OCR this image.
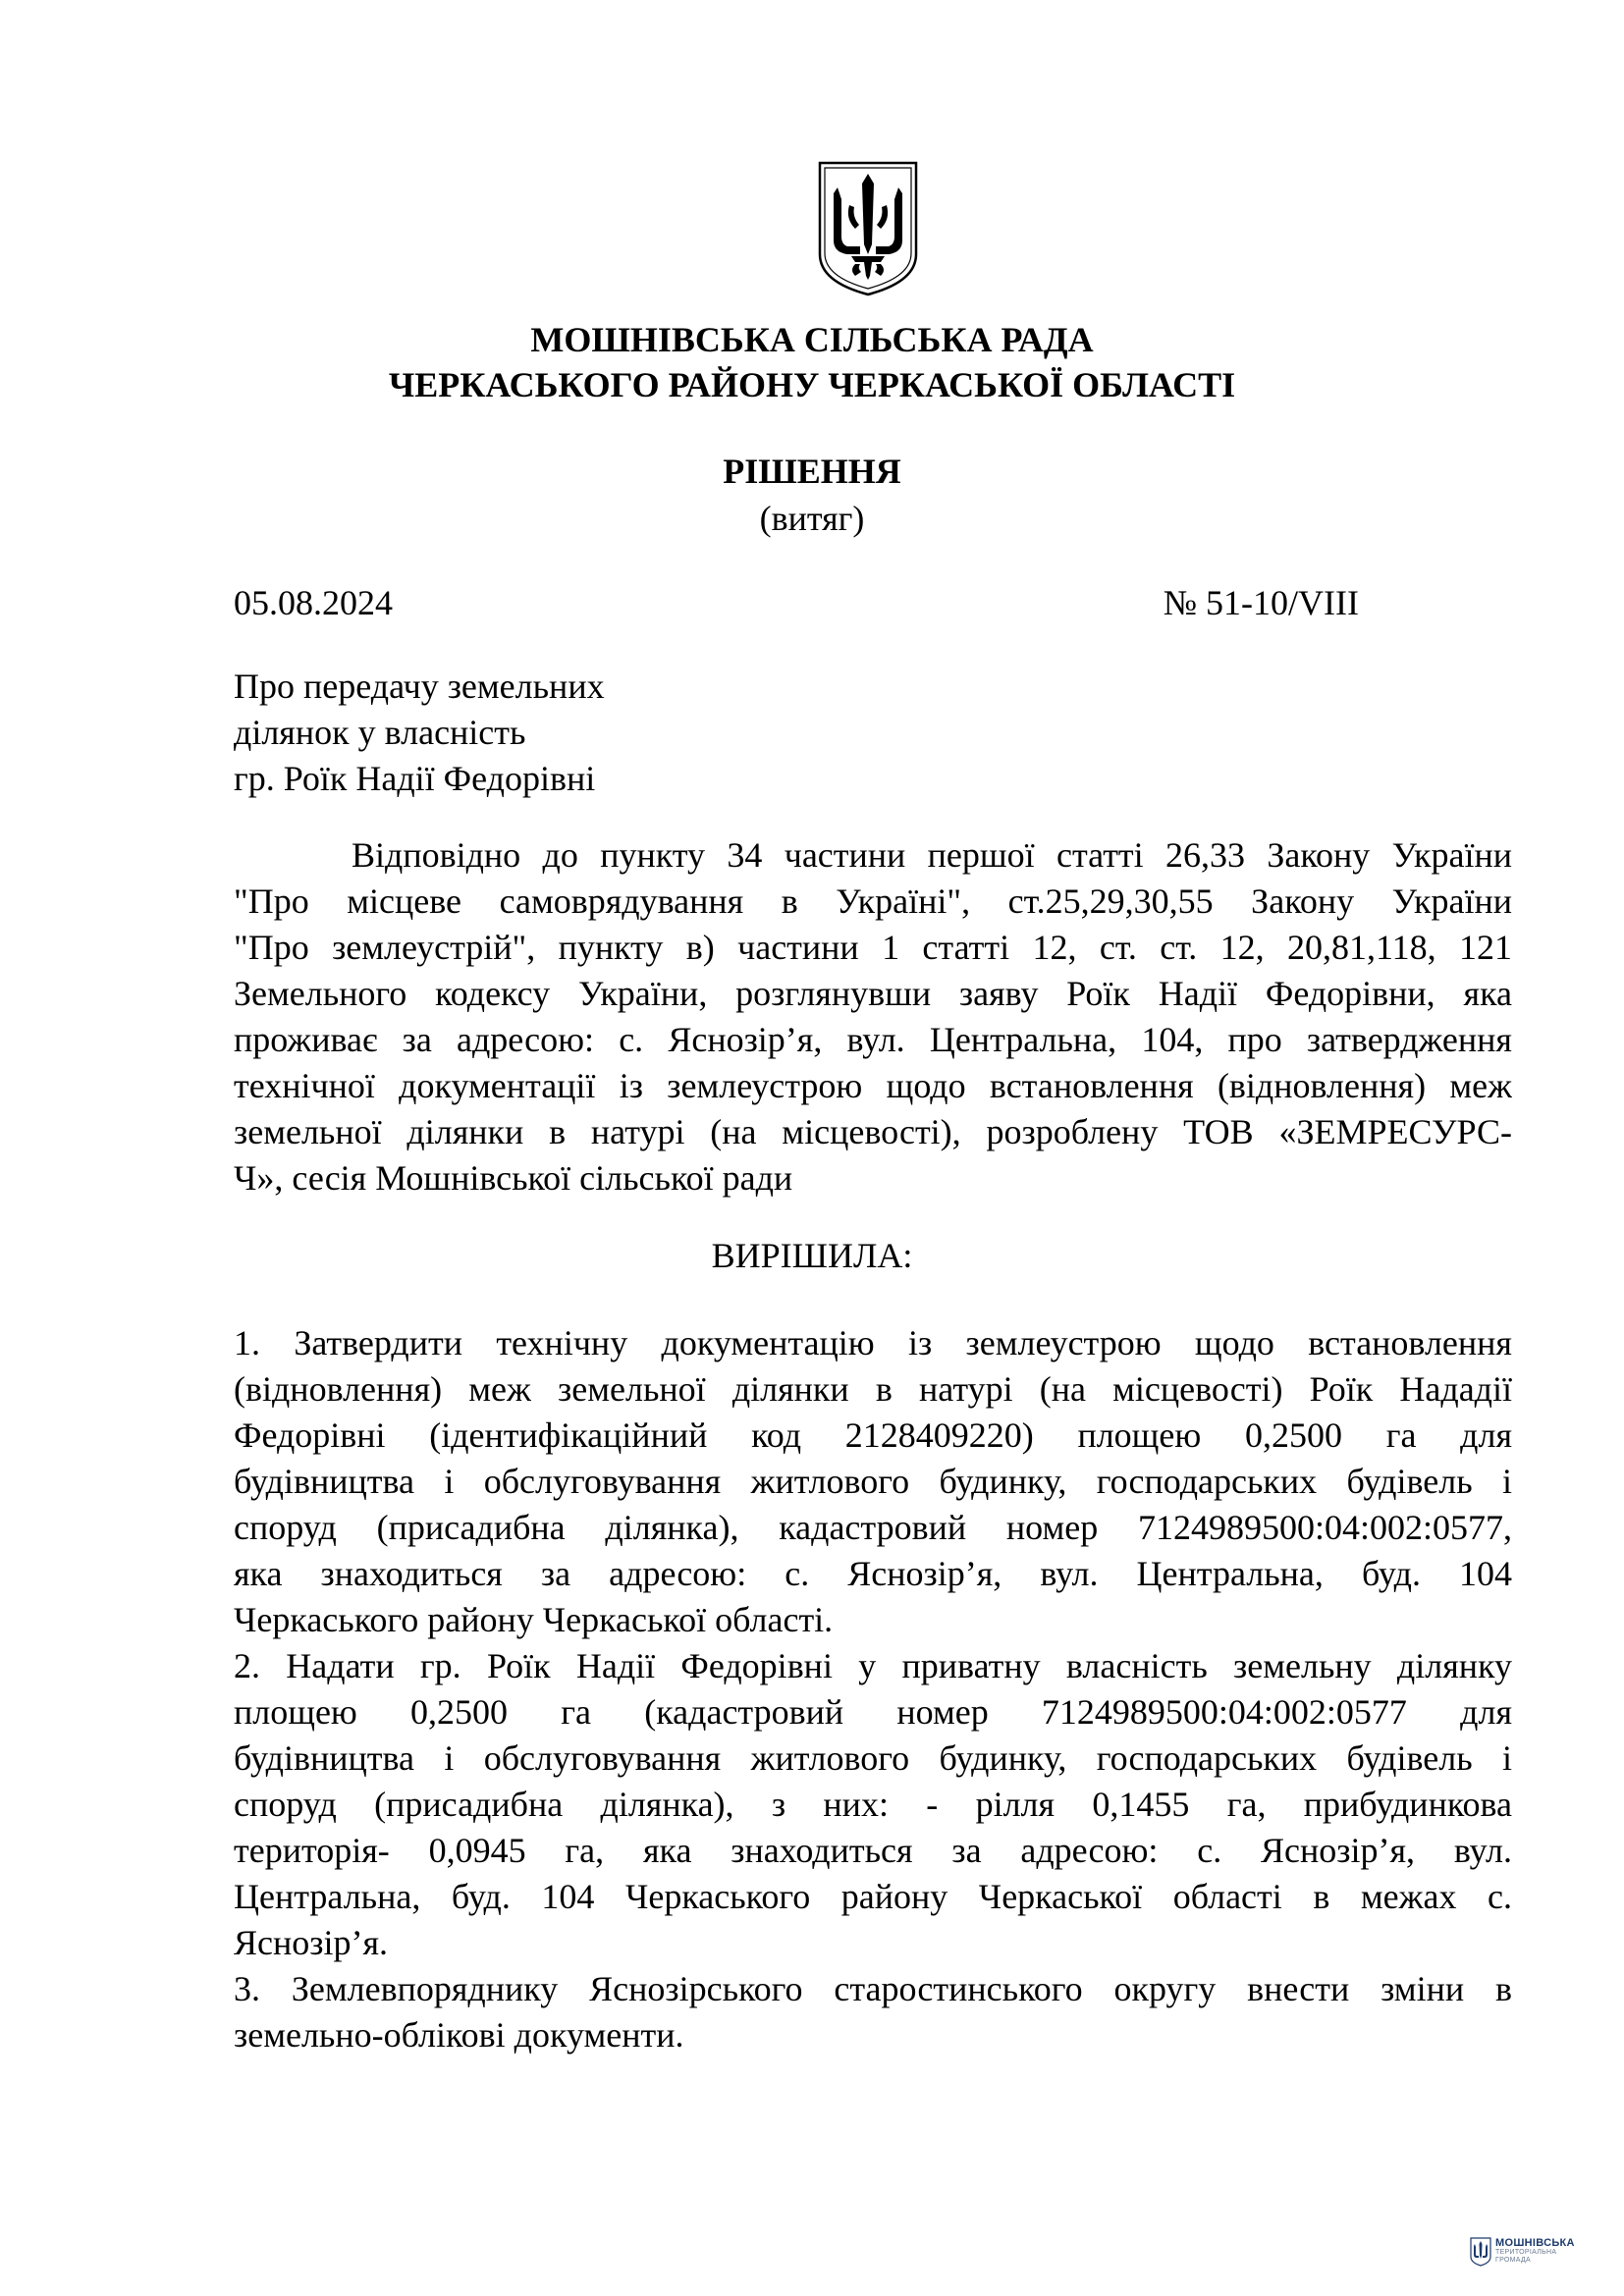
МОШНІВСЬКА СІЛЬСЬКА РАДА
ЧЕРКАСЬКОГО РАЙОНУ ЧЕРКАСЬКОЇ ОБЛАСТІ
РІШЕННЯ
(витяг)
05.08.2024	№ 51-10/VIII
Про передачу земельних
ділянок у власність
гр. Роїк Надії Федорівні
Відповідно до пункту 34 частини першої статті 26,33 Закону України
"Про місцеве самоврядування в Україні", ст.25,29,30,55 Закону України
"Про землеустрій", пункту в) частини 1 статті 12, ст. ст. 12, 20,81,118, 121
Земельного кодексу України, розглянувши заяву Роїк Надії Федорівни, яка
проживає за адресою: с. Яснозір’я, вул. Центральна, 104, про затвердження
технічної документації із землеустрою щодо встановлення (відновлення) меж
земельної ділянки в натурі (на місцевості), розроблену ТОВ «ЗЕМРЕСУРС-
Ч», сесія Мошнівської сільської ради
ВИРІШИЛА:
1. Затвердити технічну документацію із землеустрою щодо встановлення
(відновлення) меж земельної ділянки в натурі (на місцевості) Роїк Нададії
Федорівні (ідентифікаційний код 2128409220) площею 0,2500 га для
будівництва і обслуговування житлового будинку, господарських будівель і
споруд (присадибна ділянка), кадастровий номер 7124989500:04:002:0577,
яка знаходиться за адресою: с. Яснозір’я, вул. Центральна, буд. 104
Черкаського району Черкаської області.
2. Надати гр. Роїк Надії Федорівні у приватну власність земельну ділянку
площею 0,2500 га (кадастровий номер 7124989500:04:002:0577 для
будівництва і обслуговування житлового будинку, господарських будівель і
споруд (присадибна ділянка), з них: - рілля 0,1455 га, прибудинкова
територія- 0,0945 га, яка знаходиться за адресою: с. Яснозір’я, вул.
Центральна, буд. 104 Черкаського району Черкаської області в межах с.
Яснозір’я.
3. Землевпоряднику Яснозірського старостинського округу внести зміни в
земельно-облікові документи.
МОШНІВСЬКА
ТЕРИТОРІАЛЬНА
ГРОМАДА
